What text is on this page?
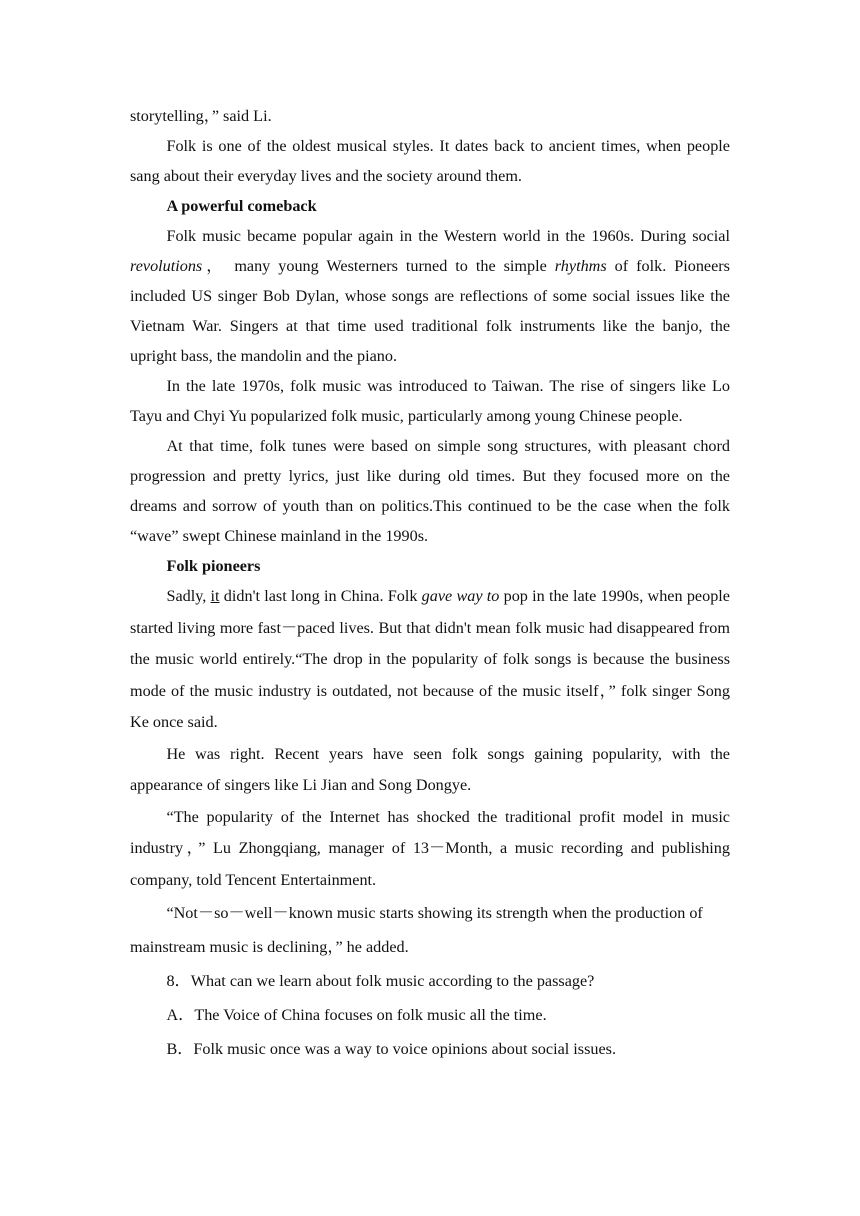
storytelling，” said Li.

Folk is one of the oldest musical styles. It dates back to ancient times, when people sang about their everyday lives and the society around them.

A powerful comeback

Folk music became popular again in the Western world in the 1960s. During social revolutions， many young Westerners turned to the simple rhythms of folk. Pioneers included US singer Bob Dylan, whose songs are reflections of some social issues like the Vietnam War. Singers at that time used traditional folk instruments like the banjo, the upright bass, the mandolin and the piano.

In the late 1970s, folk music was introduced to Taiwan. The rise of singers like Lo Tayu and Chyi Yu popularized folk music, particularly among young Chinese people.

At that time, folk tunes were based on simple song structures, with pleasant chord progression and pretty lyrics, just like during old times. But they focused more on the dreams and sorrow of youth than on politics.This continued to be the case when the folk “wave” swept Chinese mainland in the 1990s.

Folk pioneers

Sadly, it didn't last long in China. Folk gave way to pop in the late 1990s, when people started living more fast－paced lives. But that didn't mean folk music had disappeared from the music world entirely.“The drop in the popularity of folk songs is because the business mode of the music industry is outdated, not because of the music itself，” folk singer Song Ke once said.

He was right. Recent years have seen folk songs gaining popularity, with the appearance of singers like Li Jian and Song Dongye.

“The popularity of the Internet has shocked the traditional profit model in music industry，” Lu Zhongqiang, manager of 13－Month, a music recording and publishing company, told Tencent Entertainment.

“Not－so－well－known music starts showing its strength when the production of mainstream music is declining，” he added.

8．What can we learn about folk music according to the passage?

A．The Voice of China focuses on folk music all the time.

B．Folk music once was a way to voice opinions about social issues.
